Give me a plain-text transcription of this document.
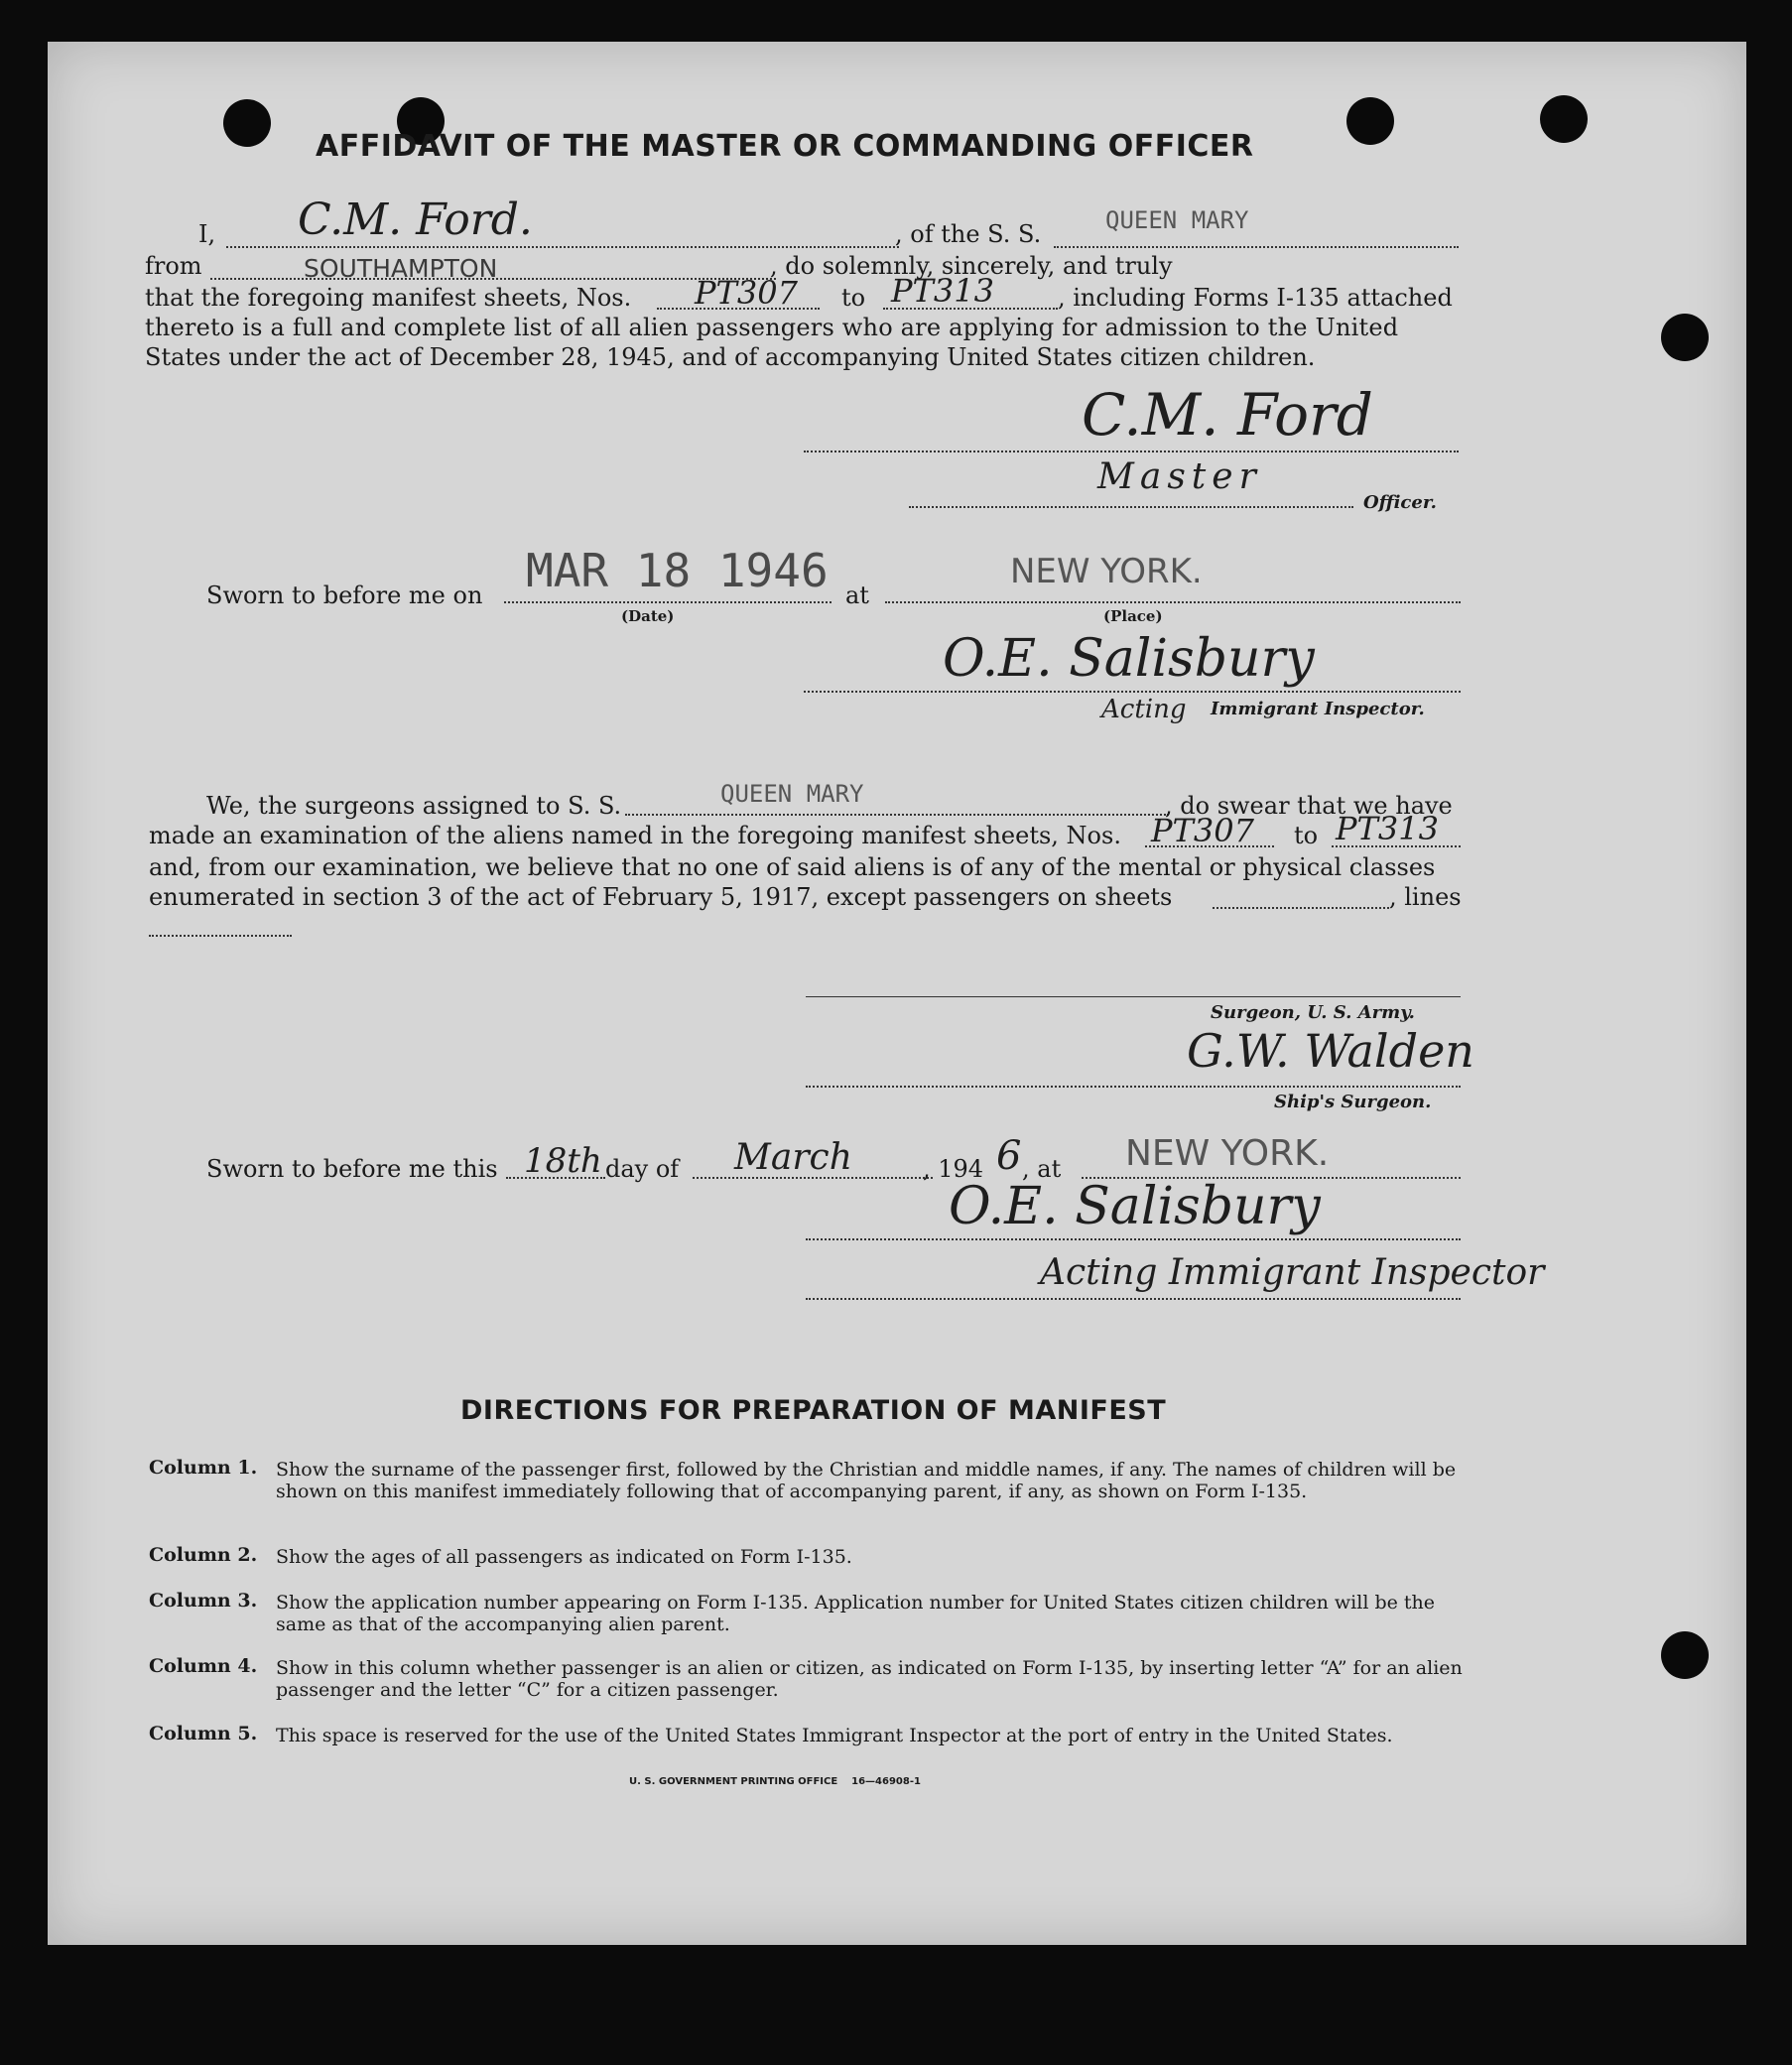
AFFIDAVIT OF THE MASTER OR COMMANDING OFFICER
I, C.M. Ford.	, of the S. S.	QUEEN MARY
from	SOUTHAMPTON	, do solemnly, sincerely, and truly
that the foregoing manifest sheets, Nos. PT307 to PT313	, including Forms I-135 attached
thereto is a full and complete list of all alien passengers who are applying for admission to the United
States under the act of December 28, 1945, and of accompanying United States citizen children.
C.M. Ford
Master
Officer.
Sworn to before me on MAR 18 1946
(Date)
at
NEW YORK.
(Place)
O.E. Salisbury
Acting Immigrant Inspector.
We, the surgeons assigned to S. S.	QUEEN MARY	, do swear that we have
made an examination of the aliens named in the foregoing manifest sheets, Nos. PT307 to PT313
and, from our examination, we believe that no one of said aliens is of any of the mental or physical classes
enumerated in section 3 of the act of February 5, 1917, except passengers on sheets	, lines
Surgeon, U. S. Army.
G.W. Walden
Ship's Surgeon.
Sworn to before me this 18th day of March	, 194 6 , at NEW YORK.
O.E. Salisbury
Acting Immigrant Inspector
DIRECTIONS FOR PREPARATION OF MANIFEST
Column 1. Show the surname of the passenger first, followed by the Christian and middle names, if any. The names of children will be shown on this manifest immediately following that of accompanying parent, if any, as shown on Form I-135.
Column 2. Show the ages of all passengers as indicated on Form I-135.
Column 3. Show the application number appearing on Form I-135. Application number for United States citizen children will be the same as that of the accompanying alien parent.
Column 4. Show in this column whether passenger is an alien or citizen, as indicated on Form I-135, by inserting letter “A” for an alien passenger and the letter “C” for a citizen passenger.
Column 5. This space is reserved for the use of the United States Immigrant Inspector at the port of entry in the United States.
U. S. GOVERNMENT PRINTING OFFICE    16—46908-1
